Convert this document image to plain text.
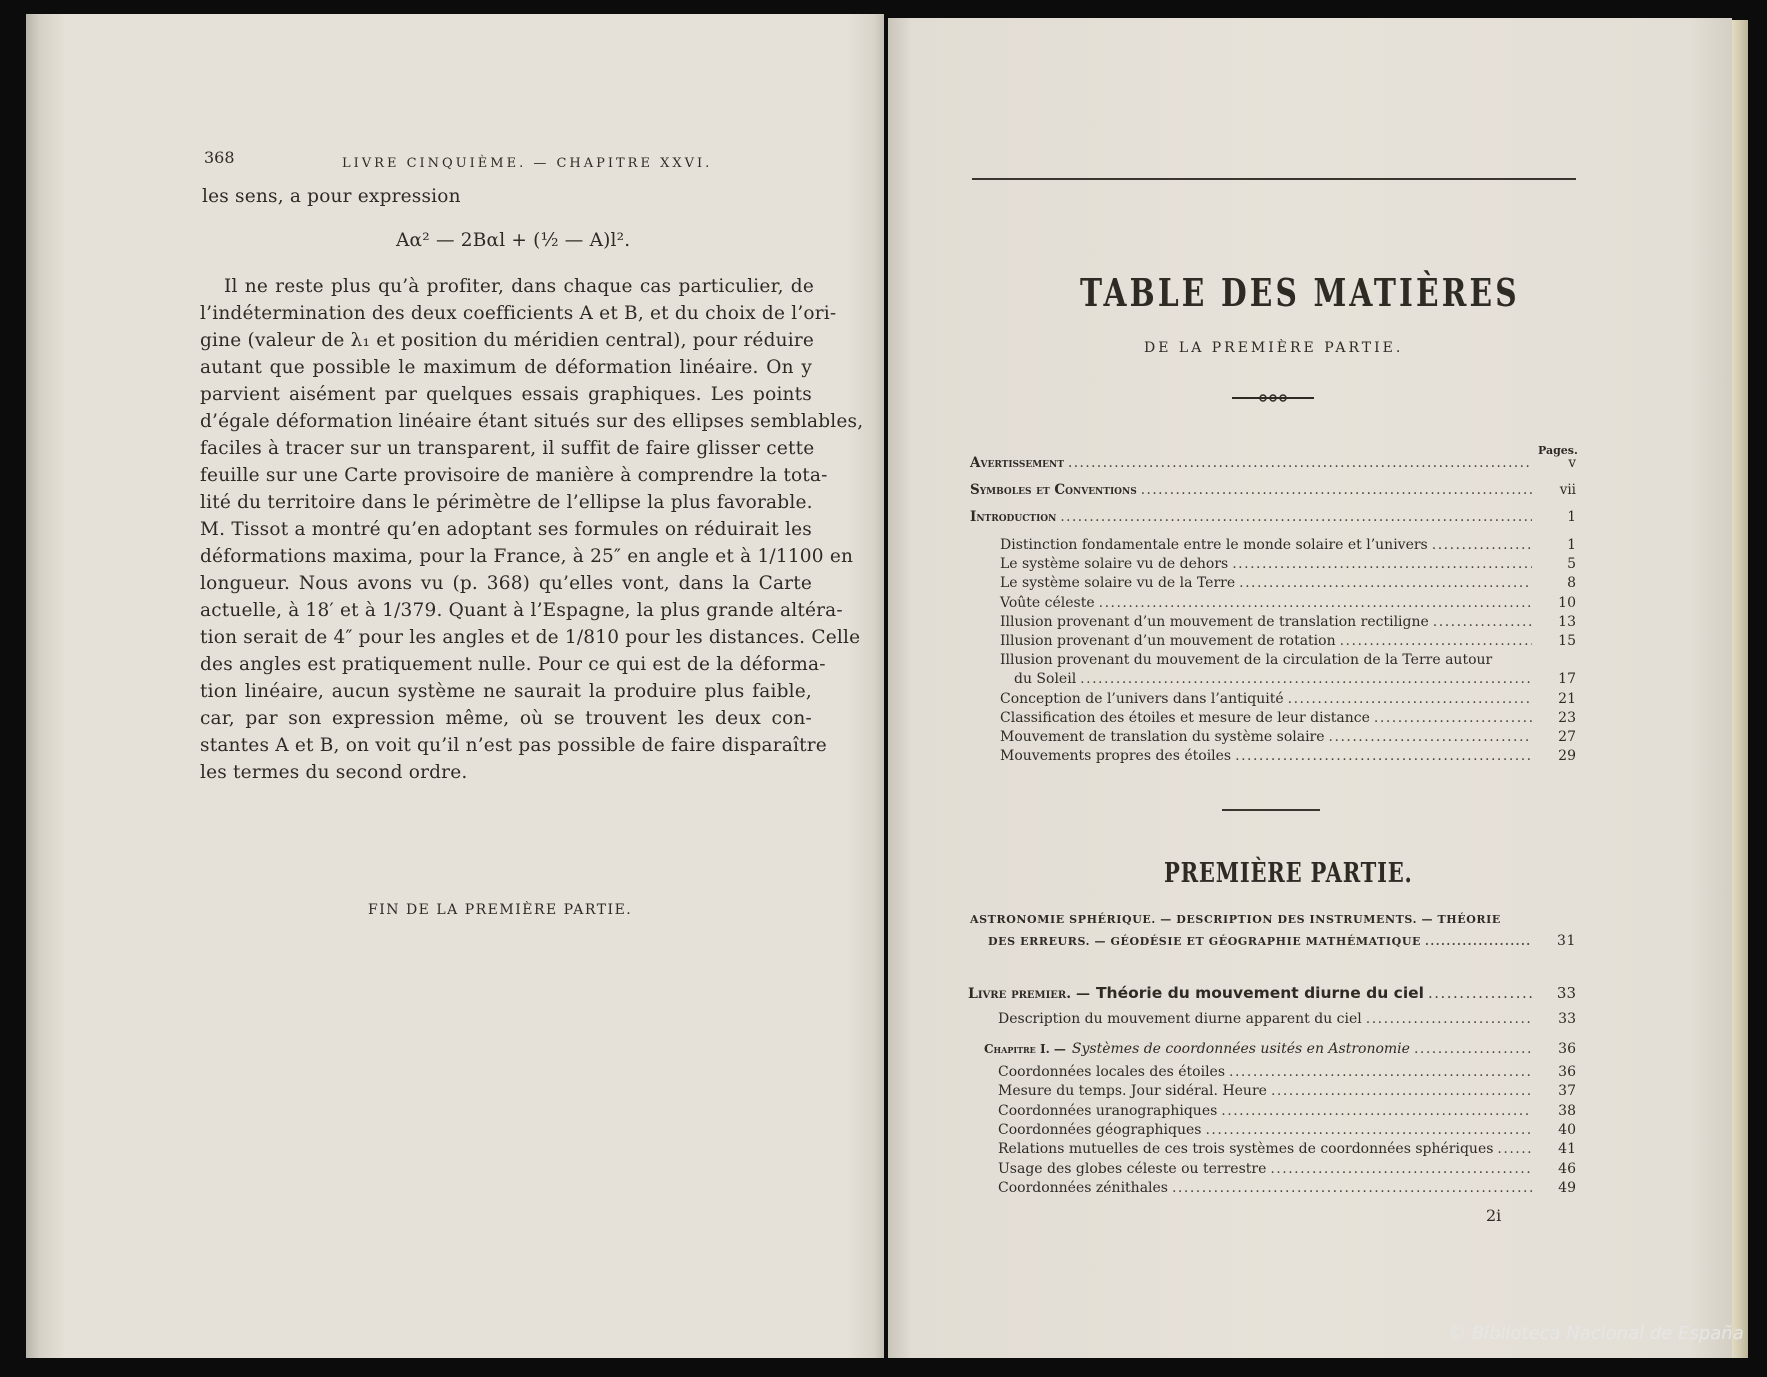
368	LIVRE CINQUIÈME. — CHAPITRE XXVI.
les sens, a pour expression
Aα² — 2Bαl + (½ — A)l².
Il ne reste plus qu’à profiter, dans chaque cas particulier, de
l’indétermination des deux coefficients A et B, et du choix de l’ori-
gine (valeur de λ₁ et position du méridien central), pour réduire
autant que possible le maximum de déformation linéaire. On y
parvient aisément par quelques essais graphiques. Les points
d’égale déformation linéaire étant situés sur des ellipses semblables,
faciles à tracer sur un transparent, il suffit de faire glisser cette
feuille sur une Carte provisoire de manière à comprendre la tota-
lité du territoire dans le périmètre de l’ellipse la plus favorable.
M. Tissot a montré qu’en adoptant ses formules on réduirait les
déformations maxima, pour la France, à 25″ en angle et à 1/1100 en
longueur. Nous avons vu (p. 368) qu’elles vont, dans la Carte
actuelle, à 18′ et à 1/379. Quant à l’Espagne, la plus grande altéra-
tion serait de 4″ pour les angles et de 1/810 pour les distances. Celle
des angles est pratiquement nulle. Pour ce qui est de la déforma-
tion linéaire, aucun système ne saurait la produire plus faible,
car, par son expression même, où se trouvent les deux con-
stantes A et B, on voit qu’il n’est pas possible de faire disparaître
les termes du second ordre.
FIN DE LA PREMIÈRE PARTIE.
TABLE DES MATIÈRES
DE LA PREMIÈRE PARTIE.
Pages.
Avertissement .....	v
Symboles et Conventions .....	vii
Introduction .....	1
Distinction fondamentale entre le monde solaire et l’univers .....	1
Le système solaire vu de dehors .....	5
Le système solaire vu de la Terre .....	8
Voûte céleste .....	10
Illusion provenant d’un mouvement de translation rectiligne .....	13
Illusion provenant d’un mouvement de rotation .....	15
Illusion provenant du mouvement de la circulation de la Terre autour
du Soleil .....	17
Conception de l’univers dans l’antiquité .....	21
Classification des étoiles et mesure de leur distance .....	23
Mouvement de translation du système solaire .....	27
Mouvements propres des étoiles .....	29
PREMIÈRE PARTIE.
ASTRONOMIE SPHÉRIQUE. — DESCRIPTION DES INSTRUMENTS. — THÉORIE
DES ERREURS. — GÉODÉSIE ET GÉOGRAPHIE MATHÉMATIQUE .....	31
Livre premier. — Théorie du mouvement diurne du ciel .....	33
Description du mouvement diurne apparent du ciel .....	33
Chapitre I. — Systèmes de coordonnées usités en Astronomie .....	36
Coordonnées locales des étoiles .....	36
Mesure du temps. Jour sidéral. Heure .....	37
Coordonnées uranographiques .....	38
Coordonnées géographiques .....	40
Relations mutuelles de ces trois systèmes de coordonnées sphériques .....	41
Usage des globes céleste ou terrestre .....	46
Coordonnées zénithales .....	49
2i
© Biblioteca Nacional de España
